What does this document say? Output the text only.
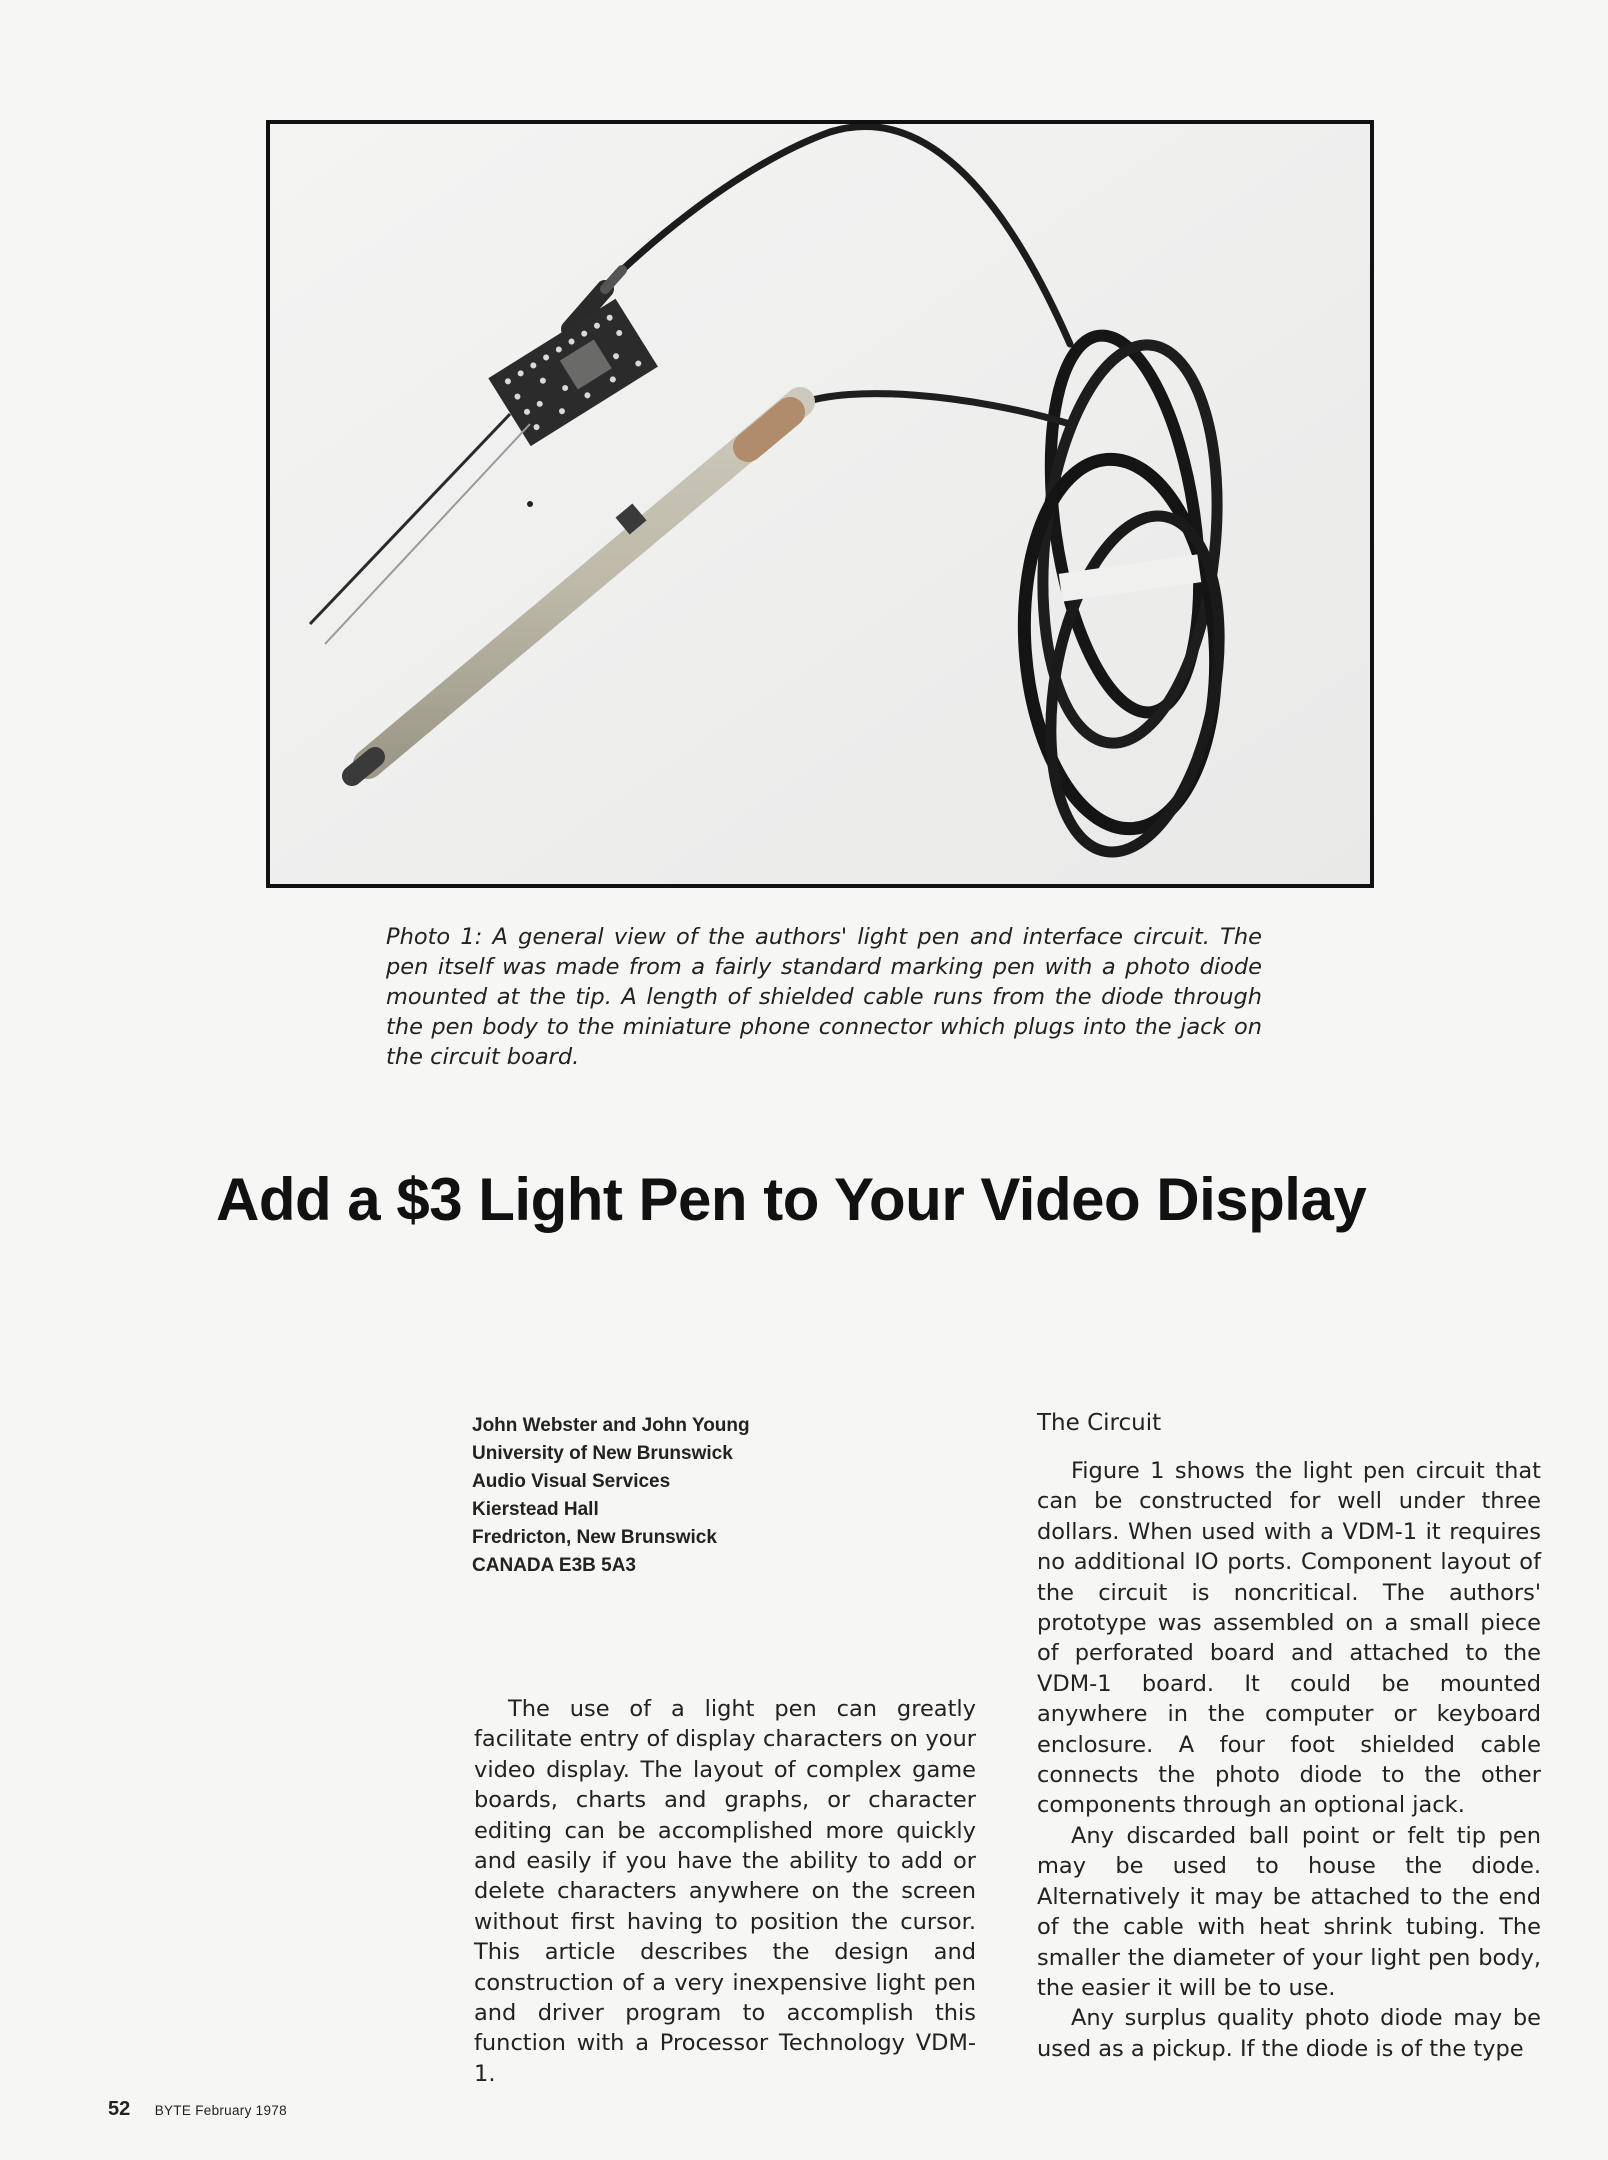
Photo 1: A general view of the authors' light pen and interface circuit. The pen itself was made from a fairly standard marking pen with a photo diode mounted at the tip. A length of shielded cable runs from the diode through the pen body to the miniature phone connector which plugs into the jack on the circuit board.
Add a $3 Light Pen to Your Video Display
John Webster and John Young
University of New Brunswick
Audio Visual Services
Kierstead Hall
Fredricton, New Brunswick
CANADA E3B 5A3

The use of a light pen can greatly facilitate entry of display characters on your video display. The layout of complex game boards, charts and graphs, or character editing can be accomplished more quickly and easily if you have the ability to add or delete characters anywhere on the screen without first having to position the cursor. This article describes the design and construction of a very inexpensive light pen and driver program to accomplish this function with a Processor Technology VDM-1.

The Circuit

Figure 1 shows the light pen circuit that can be constructed for well under three dollars. When used with a VDM-1 it requires no additional IO ports. Component layout of the circuit is noncritical. The authors' prototype was assembled on a small piece of perforated board and attached to the VDM-1 board. It could be mounted anywhere in the computer or keyboard enclosure. A four foot shielded cable connects the photo diode to the other components through an optional jack.

Any discarded ball point or felt tip pen may be used to house the diode. Alternatively it may be attached to the end of the cable with heat shrink tubing. The smaller the diameter of your light pen body, the easier it will be to use.

Any surplus quality photo diode may be used as a pickup. If the diode is of the type

52 BYTE February 1978
